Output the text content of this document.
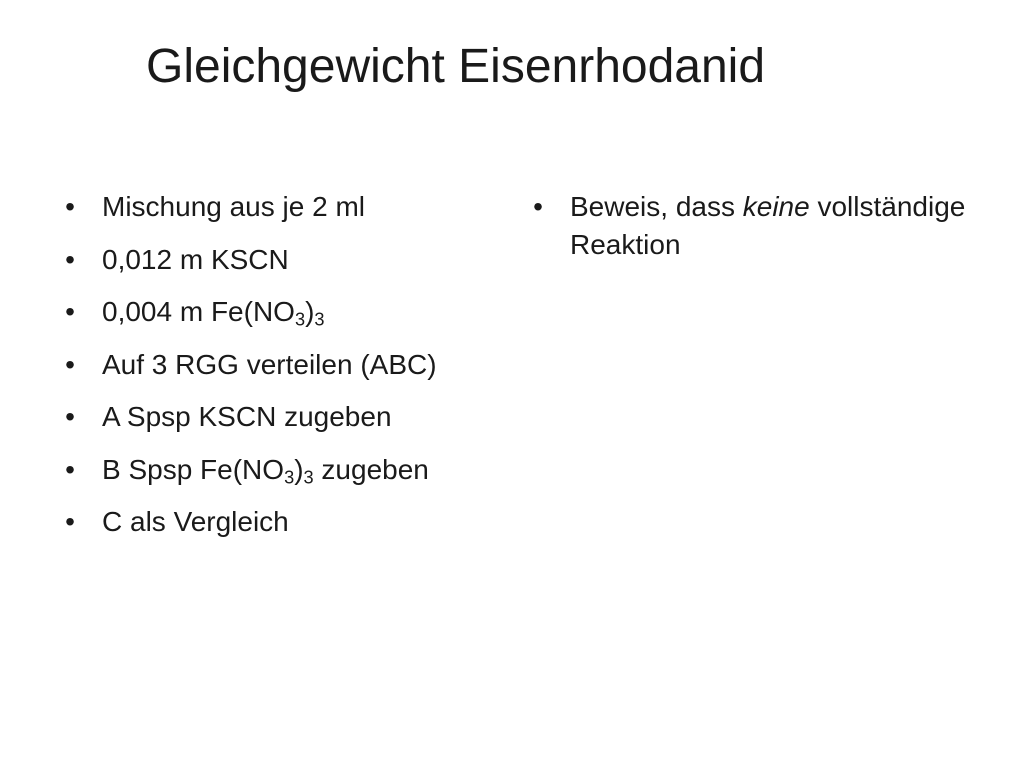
Gleichgewicht Eisenrhodanid
• Mischung aus je 2 ml
• 0,012 m KSCN
• 0,004 m $Fe(NO_3)_3$
• Auf 3 RGG verteilen (ABC)
• A Spsp KSCN zugeben
• B Spsp $Fe(NO_3)_3$ zugeben
• C als Vergleich
• Beweis, dass keine vollständige Reaktion
